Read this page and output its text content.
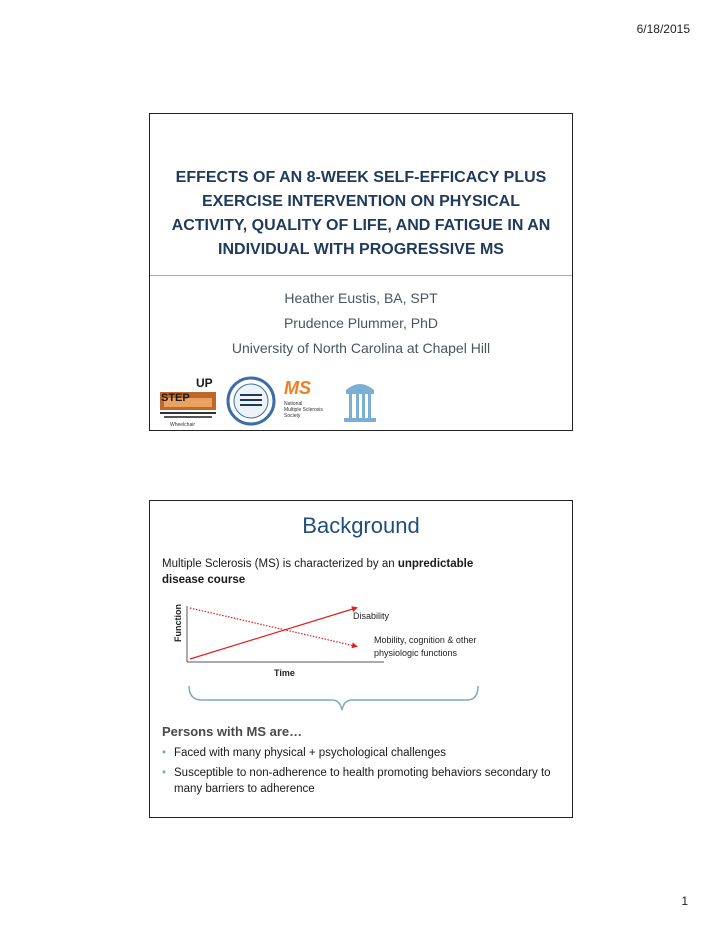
6/18/2015
EFFECTS OF AN 8-WEEK SELF-EFFICACY PLUS EXERCISE INTERVENTION ON PHYSICAL ACTIVITY, QUALITY OF LIFE, AND FATIGUE IN AN INDIVIDUAL WITH PROGRESSIVE MS
Heather Eustis, BA, SPT
Prudence Plummer, PhD
University of North Carolina at Chapel Hill
UP
STEP
Wheelchair
MS
National
Multiple Sclerosis
Society
Background
Multiple Sclerosis (MS) is characterized by an unpredictable
disease course
Function
Time
Disability
Mobility, cognition & other
physiologic functions
Persons with MS are…
• Faced with many physical + psychological challenges
• Susceptible to non-adherence to health promoting behaviors secondary to many barriers to adherence
1
